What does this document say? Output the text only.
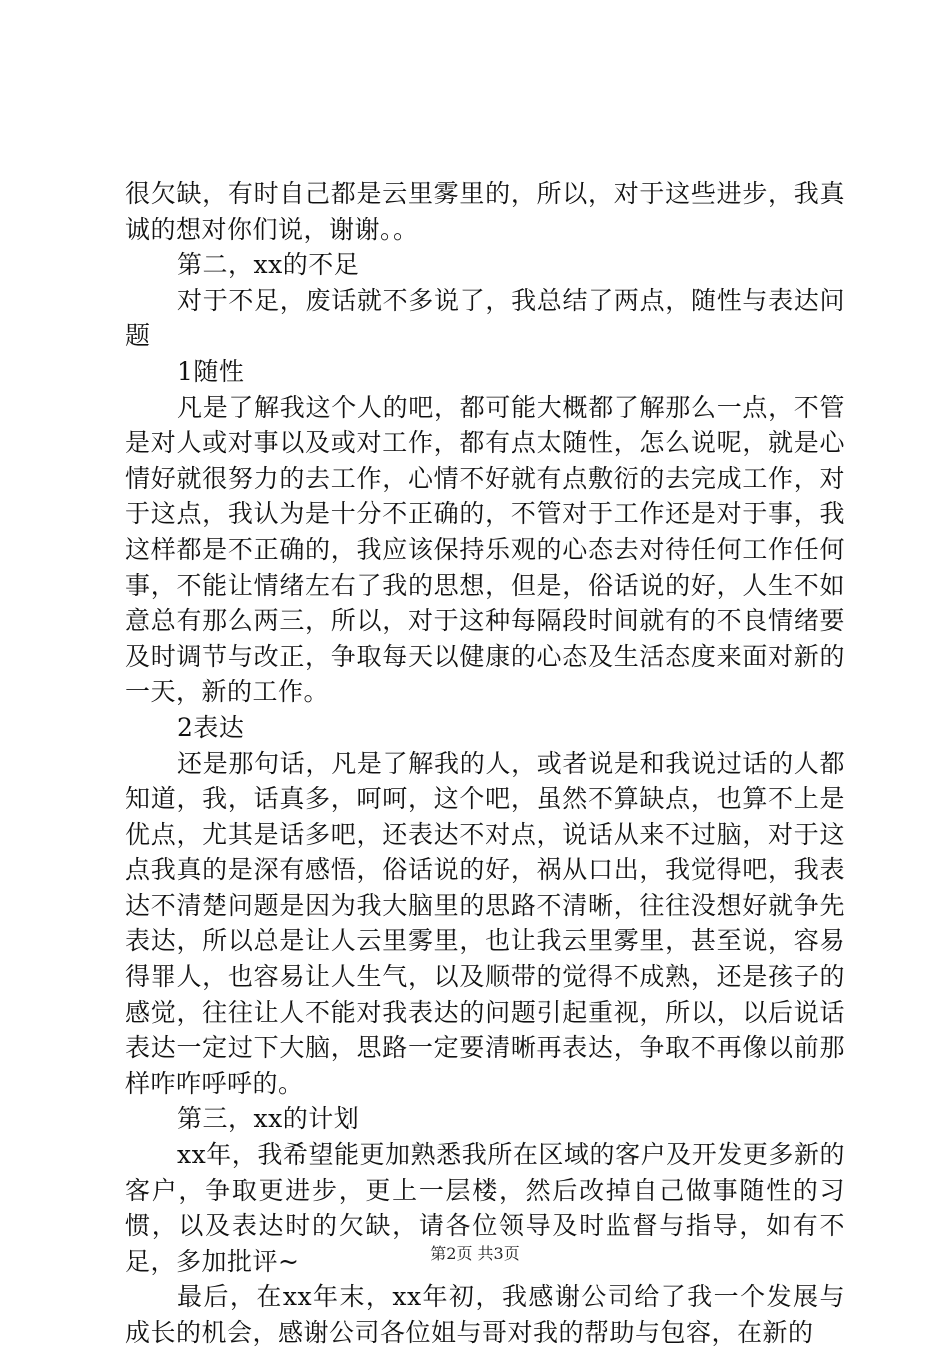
很欠缺，有时自己都是云里雾里的，所以，对于这些进步，我真诚的想对你们说，谢谢。。

第二，xx的不足

对于不足，废话就不多说了，我总结了两点，随性与表达问题

1随性

凡是了解我这个人的吧，都可能大概都了解那么一点，不管是对人或对事以及或对工作，都有点太随性，怎么说呢，就是心情好就很努力的去工作，心情不好就有点敷衍的去完成工作，对于这点，我认为是十分不正确的，不管对于工作还是对于事，我这样都是不正确的，我应该保持乐观的心态去对待任何工作任何事，不能让情绪左右了我的思想，但是，俗话说的好，人生不如意总有那么两三，所以，对于这种每隔段时间就有的不良情绪要及时调节与改正，争取每天以健康的心态及生活态度来面对新的一天，新的工作。

2表达

还是那句话，凡是了解我的人，或者说是和我说过话的人都知道，我，话真多，呵呵，这个吧，虽然不算缺点，也算不上是优点，尤其是话多吧，还表达不对点，说话从来不过脑，对于这点我真的是深有感悟，俗话说的好，祸从口出，我觉得吧，我表达不清楚问题是因为我大脑里的思路不清晰，往往没想好就争先表达，所以总是让人云里雾里，也让我云里雾里，甚至说，容易得罪人，也容易让人生气，以及顺带的觉得不成熟，还是孩子的感觉，往往让人不能对我表达的问题引起重视，所以，以后说话表达一定过下大脑，思路一定要清晰再表达，争取不再像以前那样咋咋呼呼的。

第三，xx的计划

xx年，我希望能更加熟悉我所在区域的客户及开发更多新的客户，争取更进步，更上一层楼，然后改掉自己做事随性的习惯，以及表达时的欠缺，请各位领导及时监督与指导，如有不足，多加批评~

最后，在xx年末，xx年初，我感谢公司给了我一个发展与成长的机会，感谢公司各位姐与哥对我的帮助与包容，在新的

第2页 共3页
